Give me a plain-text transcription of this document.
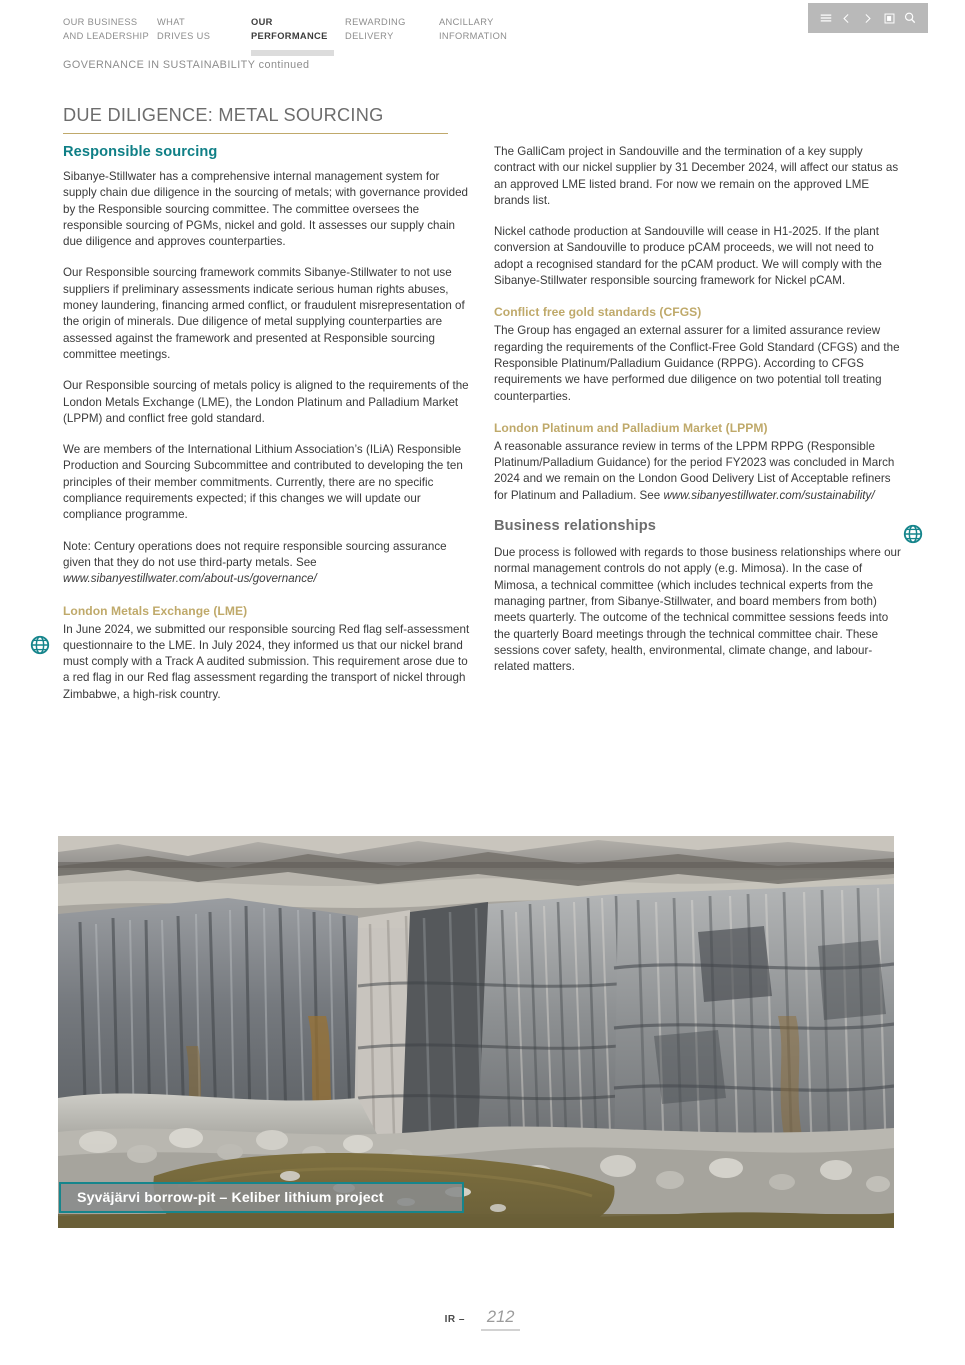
OUR BUSINESS
AND LEADERSHIP
WHAT
DRIVES US
OUR
PERFORMANCE
REWARDING
DELIVERY
ANCILLARY
INFORMATION
GOVERNANCE IN SUSTAINABILITY continued
DUE DILIGENCE: METAL SOURCING
Responsible sourcing

Sibanye-Stillwater has a comprehensive internal management system for supply chain due diligence in the sourcing of metals; with governance provided by the Responsible sourcing committee. The committee oversees the responsible sourcing of PGMs, nickel and gold. It assesses our supply chain due diligence and approves counterparties.

Our Responsible sourcing framework commits Sibanye-Stillwater to not use suppliers if preliminary assessments indicate serious human rights abuses, money laundering, financing armed conflict, or fraudulent misrepresentation of the origin of minerals. Due diligence of metal supplying counterparties are assessed against the framework and presented at Responsible sourcing committee meetings.

Our Responsible sourcing of metals policy is aligned to the requirements of the London Metals Exchange (LME), the London Platinum and Palladium Market (LPPM) and conflict free gold standard.

We are members of the International Lithium Association’s (ILiA) Responsible Production and Sourcing Subcommittee and contributed to developing the ten principles of their member commitments. Currently, there are no specific compliance requirements expected; if this changes we will update our compliance programme.

Note: Century operations does not require responsible sourcing assurance given that they do not use third-party metals. See www.sibanyestillwater.com/about-us/governance/

London Metals Exchange (LME)

In June 2024, we submitted our responsible sourcing Red flag self-assessment questionnaire to the LME. In July 2024, they informed us that our nickel brand must comply with a Track A audited submission. This requirement arose due to a red flag in our Red flag assessment regarding the transport of nickel through Zimbabwe, a high-risk country.

The GalliCam project in Sandouville and the termination of a key supply contract with our nickel supplier by 31 December 2024, will affect our status as an approved LME listed brand. For now we remain on the approved LME brands list.

Nickel cathode production at Sandouville will cease in H1-2025. If the plant conversion at Sandouville to produce pCAM proceeds, we will not need to adopt a recognised standard for the pCAM product. We will comply with the Sibanye-Stillwater responsible sourcing framework for Nickel pCAM.

Conflict free gold standards (CFGS)

The Group has engaged an external assurer for a limited assurance review regarding the requirements of the Conflict-Free Gold Standard (CFGS) and the Responsible Platinum/Palladium Guidance (RPPG). According to CFGS requirements we have performed due diligence on two potential toll treating counterparties.

London Platinum and Palladium Market (LPPM)

A reasonable assurance review in terms of the LPPM RPPG (Responsible Platinum/Palladium Guidance) for the period FY2023 was concluded in March 2024 and we remain on the London Good Delivery List of Acceptable refiners for Platinum and Palladium. See www.sibanyestillwater.com/sustainability/

Business relationships

Due process is followed with regards to those business relationships where our normal management controls do not apply (e.g. Mimosa). In the case of Mimosa, a technical committee (which includes technical experts from the managing partner, from Sibanye-Stillwater, and board members from both) meets quarterly. The outcome of the technical committee sessions feeds into the quarterly Board meetings through the technical committee chair. These sessions cover safety, health, environmental, climate change, and labour-related matters.

Syväjärvi borrow-pit – Keliber lithium project
IR –	212
